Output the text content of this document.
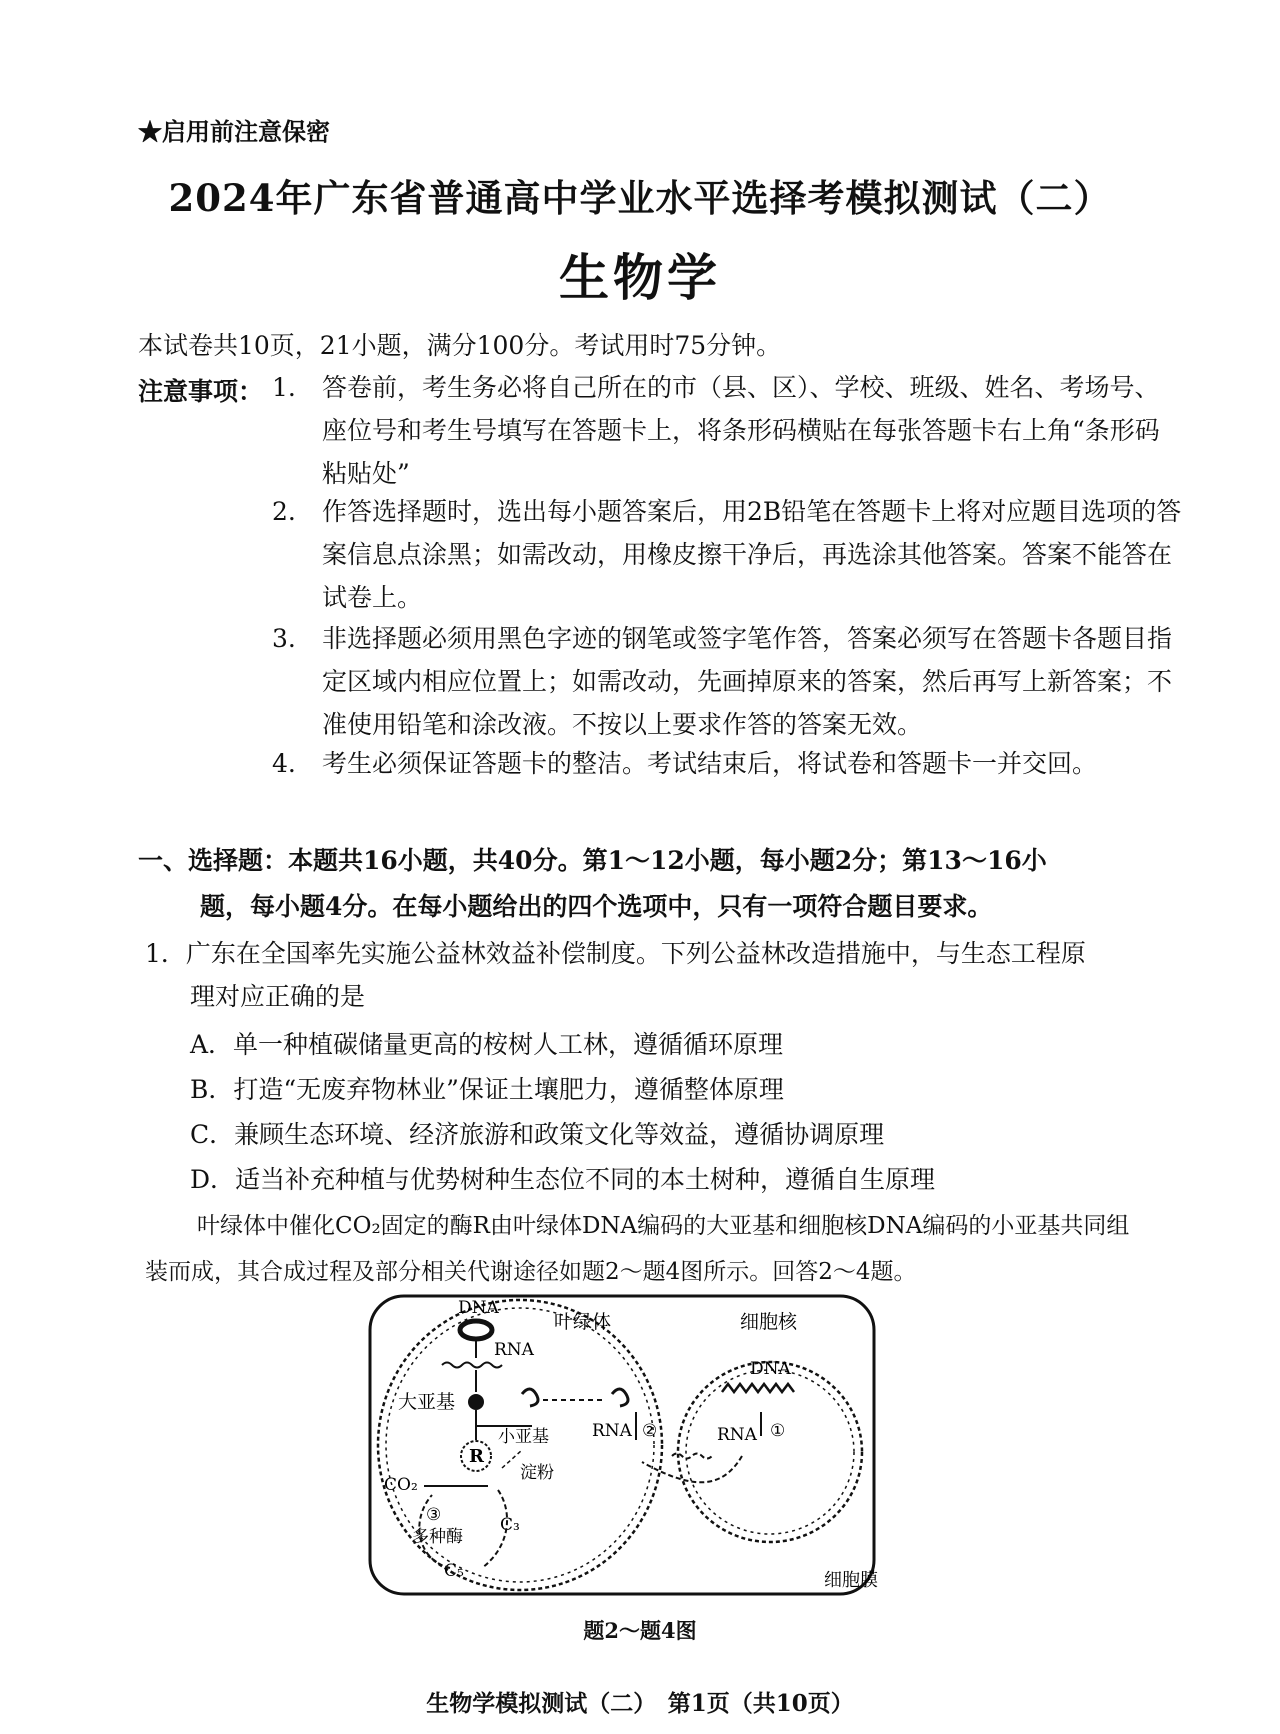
★启用前注意保密
2024年广东省普通高中学业水平选择考模拟测试（二）
生物学
本试卷共10页，21小题，满分100分。考试用时75分钟。
注意事项： 1.	答卷前，考生务必将自己所在的市（县、区）、学校、班级、姓名、考场号、座位号和考生号填写在答题卡上，将条形码横贴在每张答题卡右上角“条形码粘贴处”
2.	作答选择题时，选出每小题答案后，用2B铅笔在答题卡上将对应题目选项的答案信息点涂黑；如需改动，用橡皮擦干净后，再选涂其他答案。答案不能答在试卷上。
3.	非选择题必须用黑色字迹的钢笔或签字笔作答，答案必须写在答题卡各题目指定区域内相应位置上；如需改动，先画掉原来的答案，然后再写上新答案；不准使用铅笔和涂改液。不按以上要求作答的答案无效。
4.	考生必须保证答题卡的整洁。考试结束后，将试卷和答题卡一并交回。
一、选择题：本题共16小题，共40分。第1～12小题，每小题2分；第13～16小
题，每小题4分。在每小题给出的四个选项中，只有一项符合题目要求。
1．广东在全国率先实施公益林效益补偿制度。下列公益林改造措施中，与生态工程原
理对应正确的是
A．单一种植碳储量更高的桉树人工林，遵循循环原理
B．打造“无废弃物林业”保证土壤肥力，遵循整体原理
C．兼顾生态环境、经济旅游和政策文化等效益，遵循协调原理
D．适当补充种植与优势树种生态位不同的本土树种，遵循自生原理
叶绿体中催化CO₂固定的酶R由叶绿体DNA编码的大亚基和细胞核DNA编码的小亚基共同组装而成，其合成过程及部分相关代谢途径如题2～题4图所示。回答2～4题。
DNA
RNA
叶绿体
大亚基
小亚基
R
淀粉
CO₂
③
多种酶
C₃
C₅
细胞核
DNA
RNA ①
RNA ②
细胞膜
题2～题4图
生物学模拟测试（二）　第1页（共10页）
